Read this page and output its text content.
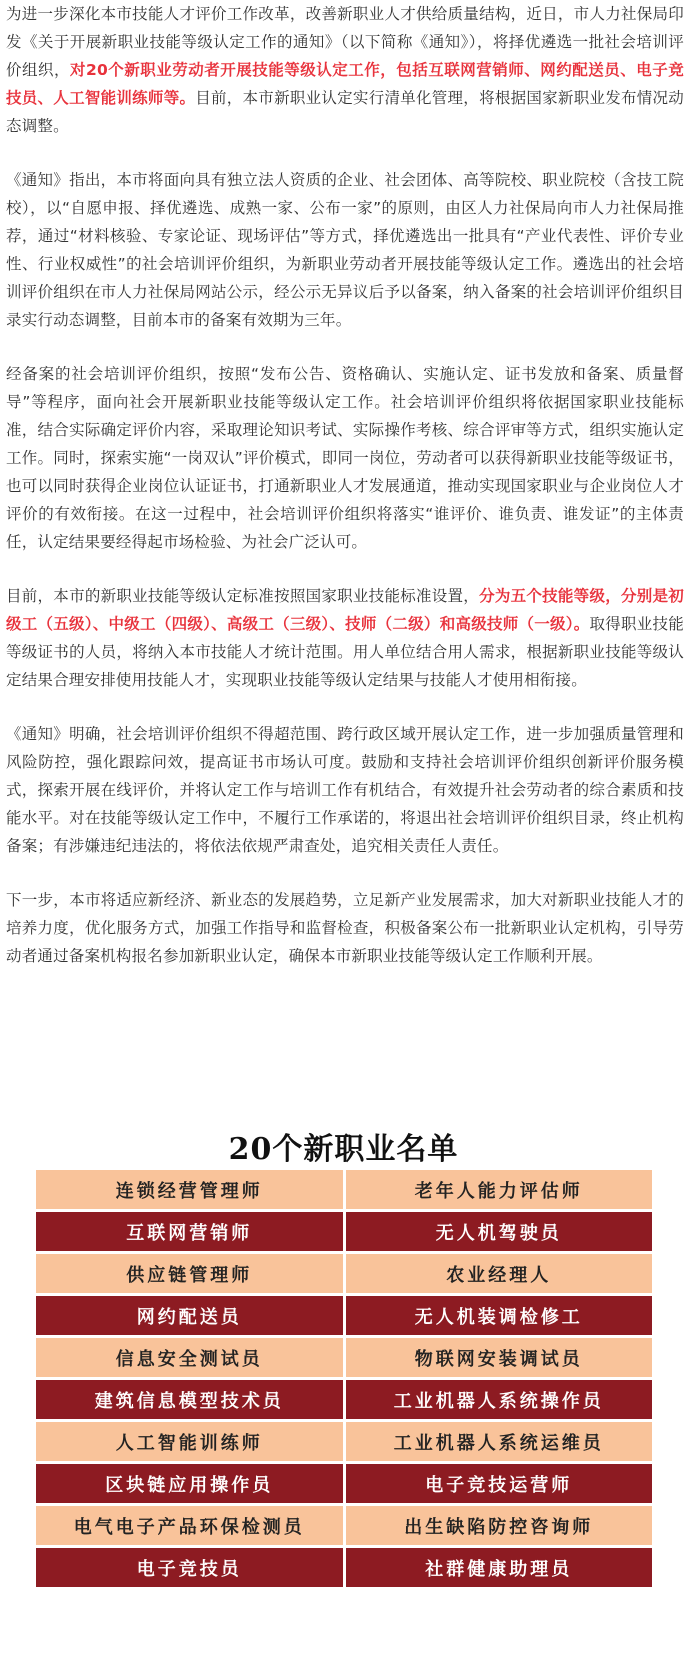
为进一步深化本市技能人才评价工作改革，改善新职业人才供给质量结构，近日，市人力社保局印发《关于开展新职业技能等级认定工作的通知》（以下简称《通知》），将择优遴选一批社会培训评价组织，对20个新职业劳动者开展技能等级认定工作，包括互联网营销师、网约配送员、电子竞技员、人工智能训练师等。目前，本市新职业认定实行清单化管理，将根据国家新职业发布情况动态调整。

《通知》指出，本市将面向具有独立法人资质的企业、社会团体、高等院校、职业院校（含技工院校），以“自愿申报、择优遴选、成熟一家、公布一家”的原则，由区人力社保局向市人力社保局推荐，通过“材料核验、专家论证、现场评估”等方式，择优遴选出一批具有“产业代表性、评价专业性、行业权威性”的社会培训评价组织，为新职业劳动者开展技能等级认定工作。遴选出的社会培训评价组织在市人力社保局网站公示，经公示无异议后予以备案，纳入备案的社会培训评价组织目录实行动态调整，目前本市的备案有效期为三年。

经备案的社会培训评价组织，按照“发布公告、资格确认、实施认定、证书发放和备案、质量督导”等程序，面向社会开展新职业技能等级认定工作。社会培训评价组织将依据国家职业技能标准，结合实际确定评价内容，采取理论知识考试、实际操作考核、综合评审等方式，组织实施认定工作。同时，探索实施“一岗双认”评价模式，即同一岗位，劳动者可以获得新职业技能等级证书，也可以同时获得企业岗位认证证书，打通新职业人才发展通道，推动实现国家职业与企业岗位人才评价的有效衔接。在这一过程中，社会培训评价组织将落实“谁评价、谁负责、谁发证”的主体责任，认定结果要经得起市场检验、为社会广泛认可。

目前，本市的新职业技能等级认定标准按照国家职业技能标准设置，分为五个技能等级，分别是初级工（五级）、中级工（四级）、高级工（三级）、技师（二级）和高级技师（一级）。取得职业技能等级证书的人员，将纳入本市技能人才统计范围。用人单位结合用人需求，根据新职业技能等级认定结果合理安排使用技能人才，实现职业技能等级认定结果与技能人才使用相衔接。

《通知》明确，社会培训评价组织不得超范围、跨行政区域开展认定工作，进一步加强质量管理和风险防控，强化跟踪问效，提高证书市场认可度。鼓励和支持社会培训评价组织创新评价服务模式，探索开展在线评价，并将认定工作与培训工作有机结合，有效提升社会劳动者的综合素质和技能水平。对在技能等级认定工作中，不履行工作承诺的，将退出社会培训评价组织目录，终止机构备案；有涉嫌违纪违法的，将依法依规严肃查处，追究相关责任人责任。

下一步，本市将适应新经济、新业态的发展趋势，立足新产业发展需求，加大对新职业技能人才的培养力度，优化服务方式，加强工作指导和监督检查，积极备案公布一批新职业认定机构，引导劳动者通过备案机构报名参加新职业认定，确保本市新职业技能等级认定工作顺利开展。

20个新职业名单
连锁经营管理师	老年人能力评估师
互联网营销师	无人机驾驶员
供应链管理师	农业经理人
网约配送员	无人机装调检修工
信息安全测试员	物联网安装调试员
建筑信息模型技术员	工业机器人系统操作员
人工智能训练师	工业机器人系统运维员
区块链应用操作员	电子竞技运营师
电气电子产品环保检测员	出生缺陷防控咨询师
电子竞技员	社群健康助理员
